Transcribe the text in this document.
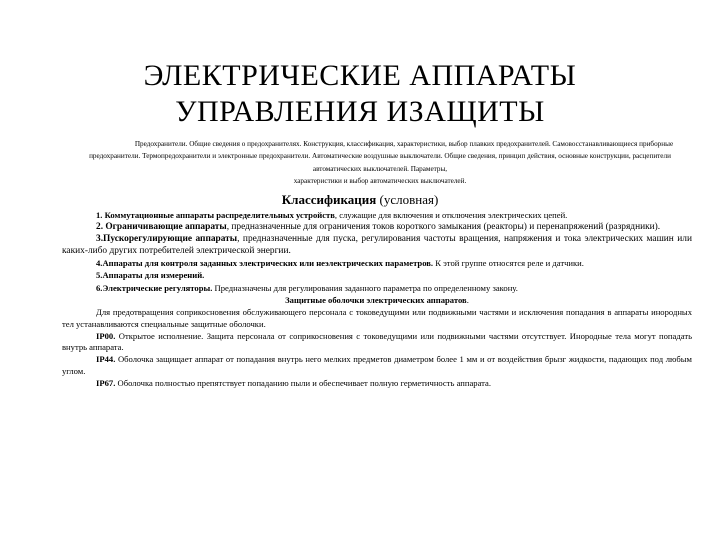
ЭЛЕКТРИЧЕСКИЕ АППАРАТЫ
УПРАВЛЕНИЯ ИЗАЩИТЫ

Предохранители. Общие сведения о предохранителях. Конструкция, классификация, характеристики, выбор плавких предохранителей. Самовосстанавливающиеся приборные предохранители. Термопредохранители и электронные предохранители. Автоматические воздушные выключатели. Общие сведения, принцип действия, основные конструкции, расцепители автоматических выключателей. Параметры,

характеристики и выбор автоматических выключателей.

Классификация (условная)

1. Коммутационные аппараты распределительных устройств, служащие для включения и отключения электрических цепей.

2. Ограничивающие аппараты, предназначенные для ограничения токов короткого замыкания (реакторы) и перенапряжений (разрядники).

3.Пускорегулирующие аппараты, предназначенные для пуска, регулирования частоты вращения, напряжения и тока электрических машин или каких-либо других потребителей электрической энергии.

4.Аппараты для контроля заданных электрических или неэлектрических параметров. К этой группе относятся реле и датчики.

5.Аппараты для измерений.

6.Электрические регуляторы. Предназначены для регулирования заданного параметра по определенному закону.

Защитные оболочки электрических аппаратов.

Для предотвращения соприкосновения обслуживающего персонала с токоведущими или подвижными частями и исключения попадания в аппараты инородных тел устанавливаются специальные защитные оболочки.

IP00. Открытое исполнение. Защита персонала от соприкосновения с токоведущими или подвижными частями отсутствует. Инородные тела могут попадать внутрь аппарата.

IP44. Оболочка защищает аппарат от попадания внутрь него мелких предметов диаметром более 1 мм и от воздействия брызг жидкости, падающих под любым углом.

IP67. Оболочка полностью препятствует попаданию пыли и обеспечивает полную герметичность аппарата.
